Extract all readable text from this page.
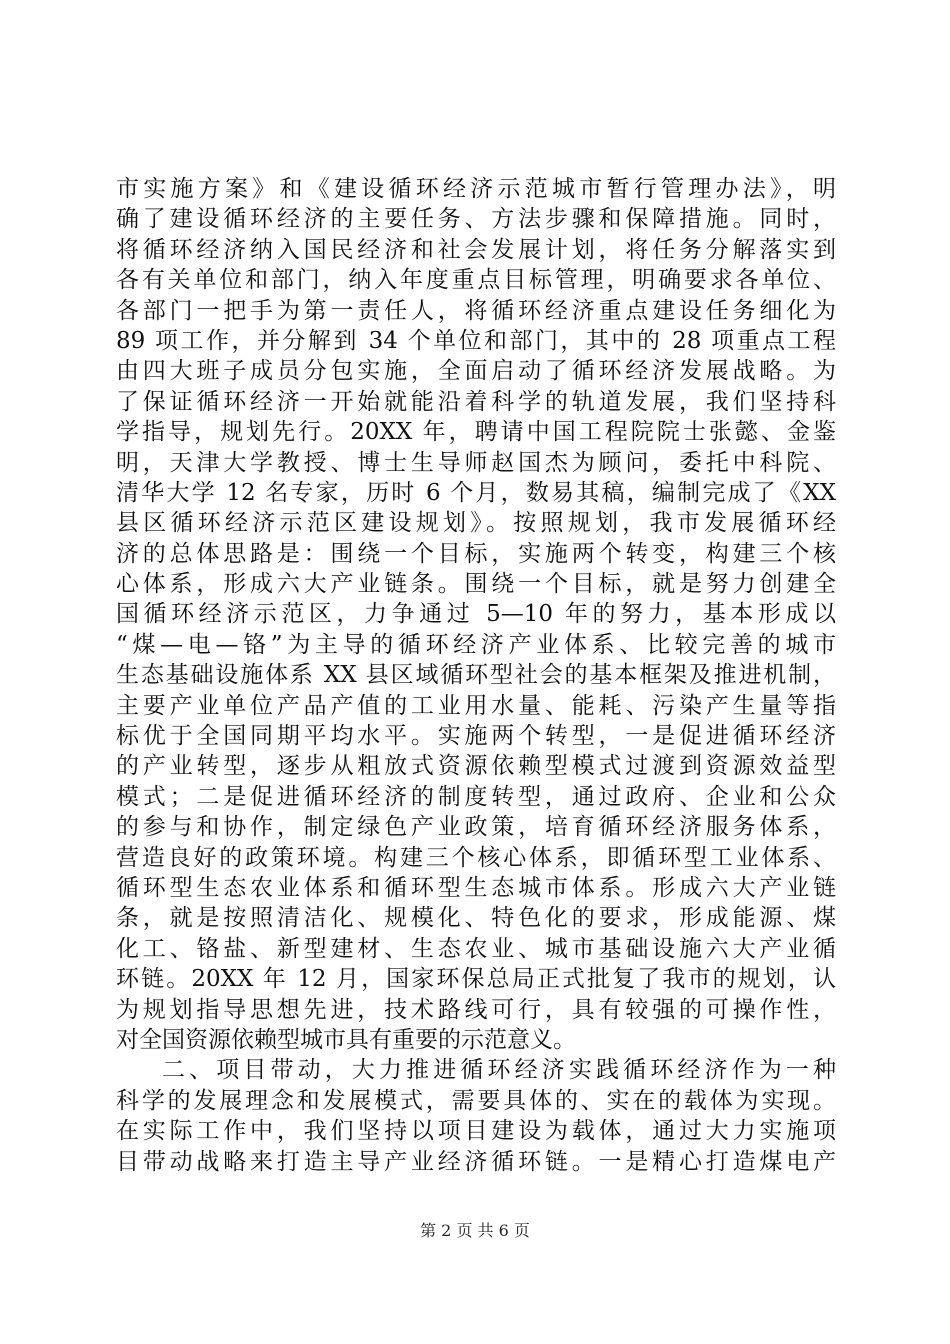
市实施方案》和《建设循环经济示范城市暂行管理办法》，明
确了建设循环经济的主要任务、方法步骤和保障措施。同时，
将循环经济纳入国民经济和社会发展计划，将任务分解落实到
各有关单位和部门，纳入年度重点目标管理，明确要求各单位、
各部门一把手为第一责任人，将循环经济重点建设任务细化为
89 项工作，并分解到 34 个单位和部门，其中的 28 项重点工程
由四大班子成员分包实施，全面启动了循环经济发展战略。为
了保证循环经济一开始就能沿着科学的轨道发展，我们坚持科
学指导，规划先行。20XX 年，聘请中国工程院院士张懿、金鉴
明，天津大学教授、博士生导师赵国杰为顾问，委托中科院、
清华大学 12 名专家，历时 6 个月，数易其稿，编制完成了《XX
县区循环经济示范区建设规划》。按照规划，我市发展循环经
济的总体思路是：围绕一个目标，实施两个转变，构建三个核
心体系，形成六大产业链条。围绕一个目标，就是努力创建全
国循环经济示范区，力争通过 5—10 年的努力，基本形成以
“煤—电—铬”为主导的循环经济产业体系、比较完善的城市
生态基础设施体系 XX 县区域循环型社会的基本框架及推进机制，
主要产业单位产品产值的工业用水量、能耗、污染产生量等指
标优于全国同期平均水平。实施两个转型，一是促进循环经济
的产业转型，逐步从粗放式资源依赖型模式过渡到资源效益型
模式；二是促进循环经济的制度转型，通过政府、企业和公众
的参与和协作，制定绿色产业政策，培育循环经济服务体系，
营造良好的政策环境。构建三个核心体系，即循环型工业体系、
循环型生态农业体系和循环型生态城市体系。形成六大产业链
条，就是按照清洁化、规模化、特色化的要求，形成能源、煤
化工、铬盐、新型建材、生态农业、城市基础设施六大产业循
环链。20XX 年 12 月，国家环保总局正式批复了我市的规划，认
为规划指导思想先进，技术路线可行，具有较强的可操作性，
对全国资源依赖型城市具有重要的示范意义。
二、项目带动，大力推进循环经济实践循环经济作为一种
科学的发展理念和发展模式，需要具体的、实在的载体为实现。
在实际工作中，我们坚持以项目建设为载体，通过大力实施项
目带动战略来打造主导产业经济循环链。一是精心打造煤电产
第 2 页 共 6 页
